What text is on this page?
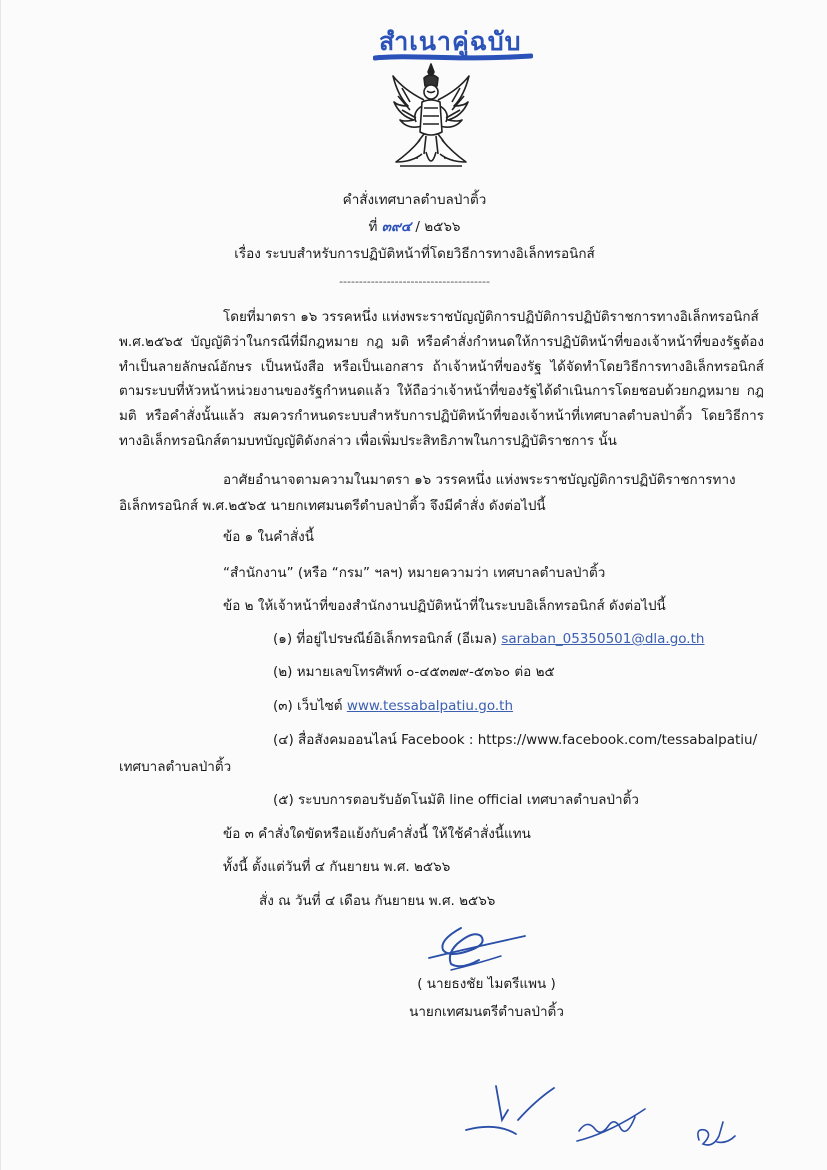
สำเนาคู่ฉบับ
คำสั่งเทศบาลตำบลป่าติ้ว
ที่ ๓๙๔ / ๒๕๖๖
เรื่อง ระบบสำหรับการปฏิบัติหน้าที่โดยวิธีการทางอิเล็กทรอนิกส์
--------------------------------------
โดยที่มาตรา ๑๖ วรรคหนึ่ง แห่งพระราชบัญญัติการปฏิบัติการปฏิบัติราชการทางอิเล็กทรอนิกส์
พ.ศ.๒๕๖๕ บัญญัติว่าในกรณีที่มีกฎหมาย กฎ มติ หรือคำสั่งกำหนดให้การปฏิบัติหน้าที่ของเจ้าหน้าที่ของรัฐต้องทำเป็นลายลักษณ์อักษร เป็นหนังสือ หรือเป็นเอกสาร ถ้าเจ้าหน้าที่ของรัฐ ได้จัดทำโดยวิธีการทางอิเล็กทรอนิกส์ตามระบบที่หัวหน้าหน่วยงานของรัฐกำหนดแล้ว ให้ถือว่าเจ้าหน้าที่ของรัฐได้ดำเนินการโดยชอบด้วยกฎหมาย กฎ มติ หรือคำสั่งนั้นแล้ว สมควรกำหนดระบบสำหรับการปฏิบัติหน้าที่ของเจ้าหน้าที่เทศบาลตำบลป่าติ้ว โดยวิธีการทางอิเล็กทรอนิกส์ตามบทบัญญัติดังกล่าว เพื่อเพิ่มประสิทธิภาพในการปฏิบัติราชการ นั้น
อาศัยอำนาจตามความในมาตรา ๑๖ วรรคหนึ่ง แห่งพระราชบัญญัติการปฏิบัติราชการทาง
อิเล็กทรอนิกส์ พ.ศ.๒๕๖๕ นายกเทศมนตรีตำบลป่าติ้ว จึงมีคำสั่ง ดังต่อไปนี้
ข้อ ๑ ในคำสั่งนี้
“สำนักงาน” (หรือ “กรม” ฯลฯ) หมายความว่า เทศบาลตำบลป่าติ้ว
ข้อ ๒ ให้เจ้าหน้าที่ของสำนักงานปฏิบัติหน้าที่ในระบบอิเล็กทรอนิกส์ ดังต่อไปนี้
(๑) ที่อยู่ไปรษณีย์อิเล็กทรอนิกส์ (อีเมล) saraban_05350501@dla.go.th
(๒) หมายเลขโทรศัพท์ ๐-๔๕๓๗๙-๕๓๖๐ ต่อ ๒๕
(๓) เว็บไซต์ www.tessabalpatiu.go.th
(๔) สื่อสังคมออนไลน์ Facebook : https://www.facebook.com/tessabalpatiu/
เทศบาลตำบลป่าติ้ว
(๕) ระบบการตอบรับอัตโนมัติ line official เทศบาลตำบลป่าติ้ว
ข้อ ๓ คำสั่งใดขัดหรือแย้งกับคำสั่งนี้ ให้ใช้คำสั่งนี้แทน
ทั้งนี้ ตั้งแต่วันที่ ๔ กันยายน พ.ศ. ๒๕๖๖
สั่ง ณ วันที่ ๔ เดือน กันยายน พ.ศ. ๒๕๖๖
( นายธงชัย ไมตรีแพน )
นายกเทศมนตรีตำบลป่าติ้ว
